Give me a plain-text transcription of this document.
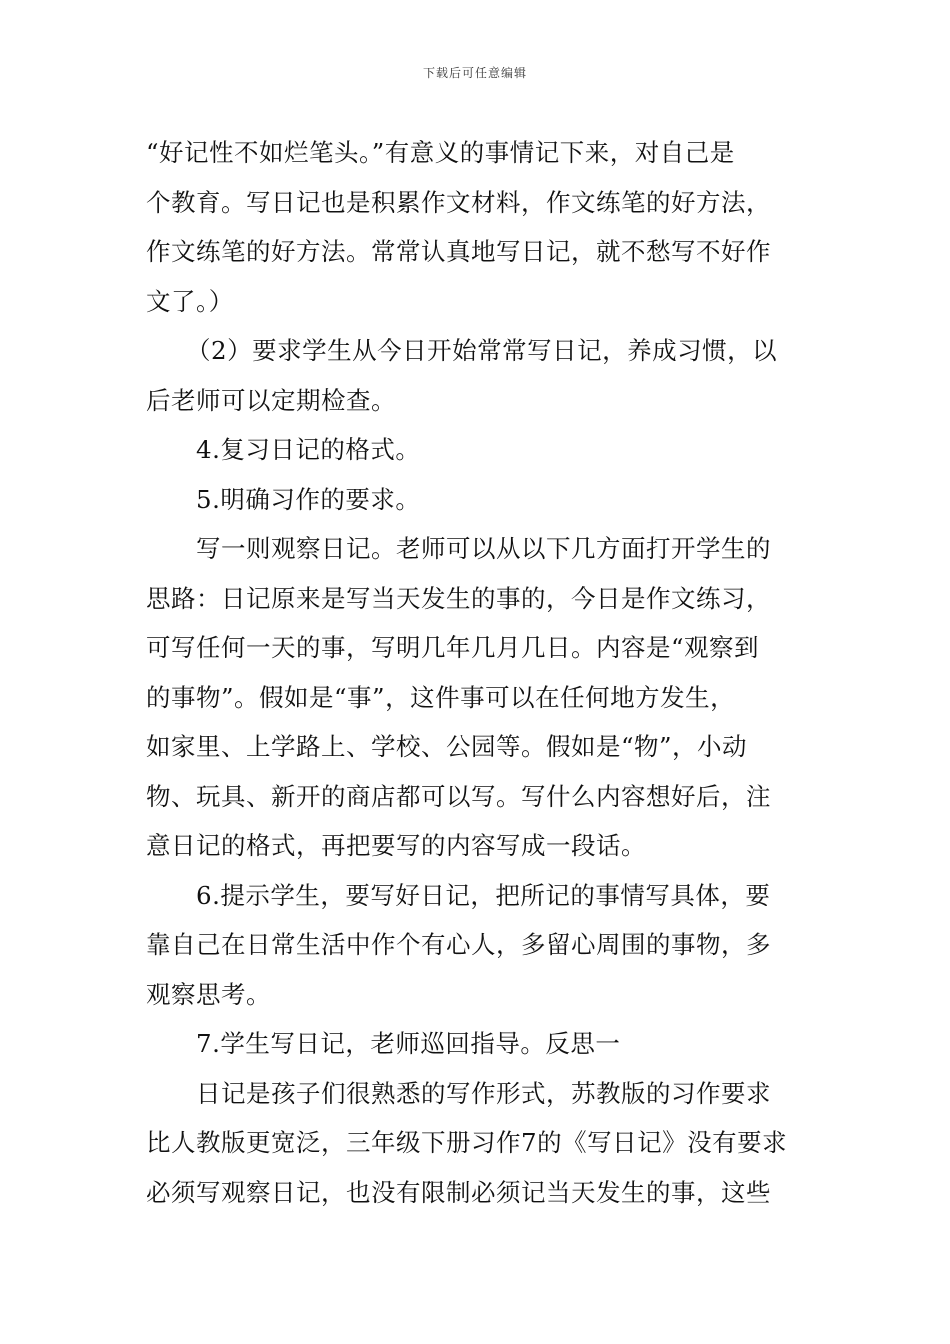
下载后可任意编辑
“好记性不如烂笔头。”有意义的事情记下来，对自己是
个教育。写日记也是积累作文材料，作文练笔的好方法，
作文练笔的好方法。常常认真地写日记，就不愁写不好作
文了。）
（2）要求学生从今日开始常常写日记，养成习惯，以
后老师可以定期检查。
4.复习日记的格式。
5.明确习作的要求。
写一则观察日记。老师可以从以下几方面打开学生的
思路：日记原来是写当天发生的事的，今日是作文练习，
可写任何一天的事，写明几年几月几日。内容是“观察到
的事物”。假如是“事”，这件事可以在任何地方发生，
如家里、上学路上、学校、公园等。假如是“物”，小动
物、玩具、新开的商店都可以写。写什么内容想好后，注
意日记的格式，再把要写的内容写成一段话。
6.提示学生，要写好日记，把所记的事情写具体，要
靠自己在日常生活中作个有心人，多留心周围的事物，多
观察思考。
7.学生写日记，老师巡回指导。反思一
日记是孩子们很熟悉的写作形式，苏教版的习作要求
比人教版更宽泛，三年级下册习作7的《写日记》没有要求
必须写观察日记，也没有限制必须记当天发生的事，这些
